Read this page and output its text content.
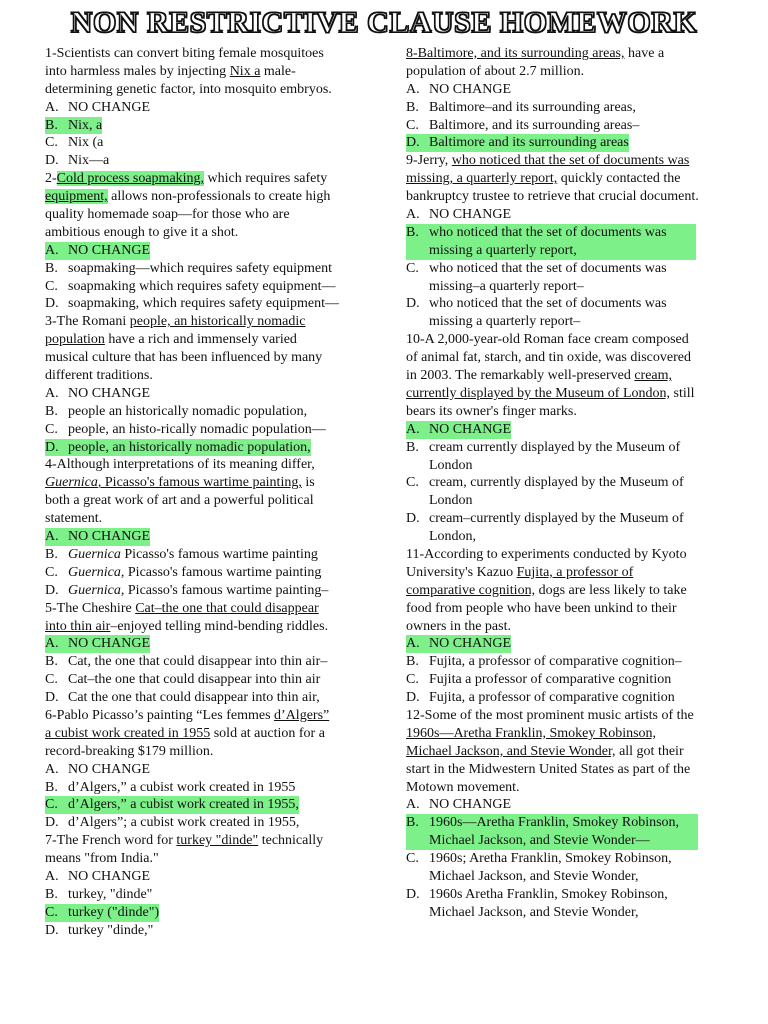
NON RESTRICTIVE CLAUSE HOMEWORK
1-Scientists can convert biting female mosquitoes
into harmless males by injecting Nix a male-
determining genetic factor, into mosquito embryos.
A. NO CHANGE
B. Nix, a
C. Nix (a
D. Nix—a
2-Cold process soapmaking, which requires safety
equipment, allows non-professionals to create high
quality homemade soap—for those who are
ambitious enough to give it a shot.
A. NO CHANGE
B. soapmaking—which requires safety equipment
C. soapmaking which requires safety equipment—
D. soapmaking, which requires safety equipment—
3-The Romani people, an historically nomadic
population have a rich and immensely varied
musical culture that has been influenced by many
different traditions.
A. NO CHANGE
B. people an historically nomadic population,
C. people, an histo-rically nomadic population—
D. people, an historically nomadic population,
4-Although interpretations of its meaning differ,
Guernica, Picasso's famous wartime painting, is
both a great work of art and a powerful political
statement.
A. NO CHANGE
B. Guernica Picasso's famous wartime painting
C. Guernica, Picasso's famous wartime painting
D. Guernica, Picasso's famous wartime painting–
5-The Cheshire Cat–the one that could disappear
into thin air–enjoyed telling mind-bending riddles.
A. NO CHANGE
B. Cat, the one that could disappear into thin air–
C. Cat–the one that could disappear into thin air
D. Cat the one that could disappear into thin air,
6-Pablo Picasso’s painting “Les femmes d’Algers”
a cubist work created in 1955 sold at auction for a
record-breaking $179 million.
A. NO CHANGE
B. d’Algers,” a cubist work created in 1955
C. d’Algers,” a cubist work created in 1955,
D. d’Algers”; a cubist work created in 1955,
7-The French word for turkey "dinde" technically
means "from India."
A. NO CHANGE
B. turkey, "dinde"
C. turkey ("dinde")
D. turkey "dinde,"
8-Baltimore, and its surrounding areas, have a
population of about 2.7 million.
A. NO CHANGE
B. Baltimore–and its surrounding areas,
C. Baltimore, and its surrounding areas–
D. Baltimore and its surrounding areas
9-Jerry, who noticed that the set of documents was
missing, a quarterly report, quickly contacted the
bankruptcy trustee to retrieve that crucial document.
A. NO CHANGE
B. who noticed that the set of documents was
missing a quarterly report,
C. who noticed that the set of documents was
missing–a quarterly report–
D. who noticed that the set of documents was
missing a quarterly report–
10-A 2,000-year-old Roman face cream composed
of animal fat, starch, and tin oxide, was discovered
in 2003. The remarkably well-preserved cream,
currently displayed by the Museum of London, still
bears its owner's finger marks.
A. NO CHANGE
B. cream currently displayed by the Museum of
London
C. cream, currently displayed by the Museum of
London
D. cream–currently displayed by the Museum of
London,
11-According to experiments conducted by Kyoto
University's Kazuo Fujita, a professor of
comparative cognition, dogs are less likely to take
food from people who have been unkind to their
owners in the past.
A. NO CHANGE
B. Fujita, a professor of comparative cognition–
C. Fujita a professor of comparative cognition
D. Fujita, a professor of comparative cognition
12-Some of the most prominent music artists of the
1960s—Aretha Franklin, Smokey Robinson,
Michael Jackson, and Stevie Wonder, all got their
start in the Midwestern United States as part of the
Motown movement.
A. NO CHANGE
B. 1960s—Aretha Franklin, Smokey Robinson,
Michael Jackson, and Stevie Wonder—
C. 1960s; Aretha Franklin, Smokey Robinson,
Michael Jackson, and Stevie Wonder,
D. 1960s Aretha Franklin, Smokey Robinson,
Michael Jackson, and Stevie Wonder,
